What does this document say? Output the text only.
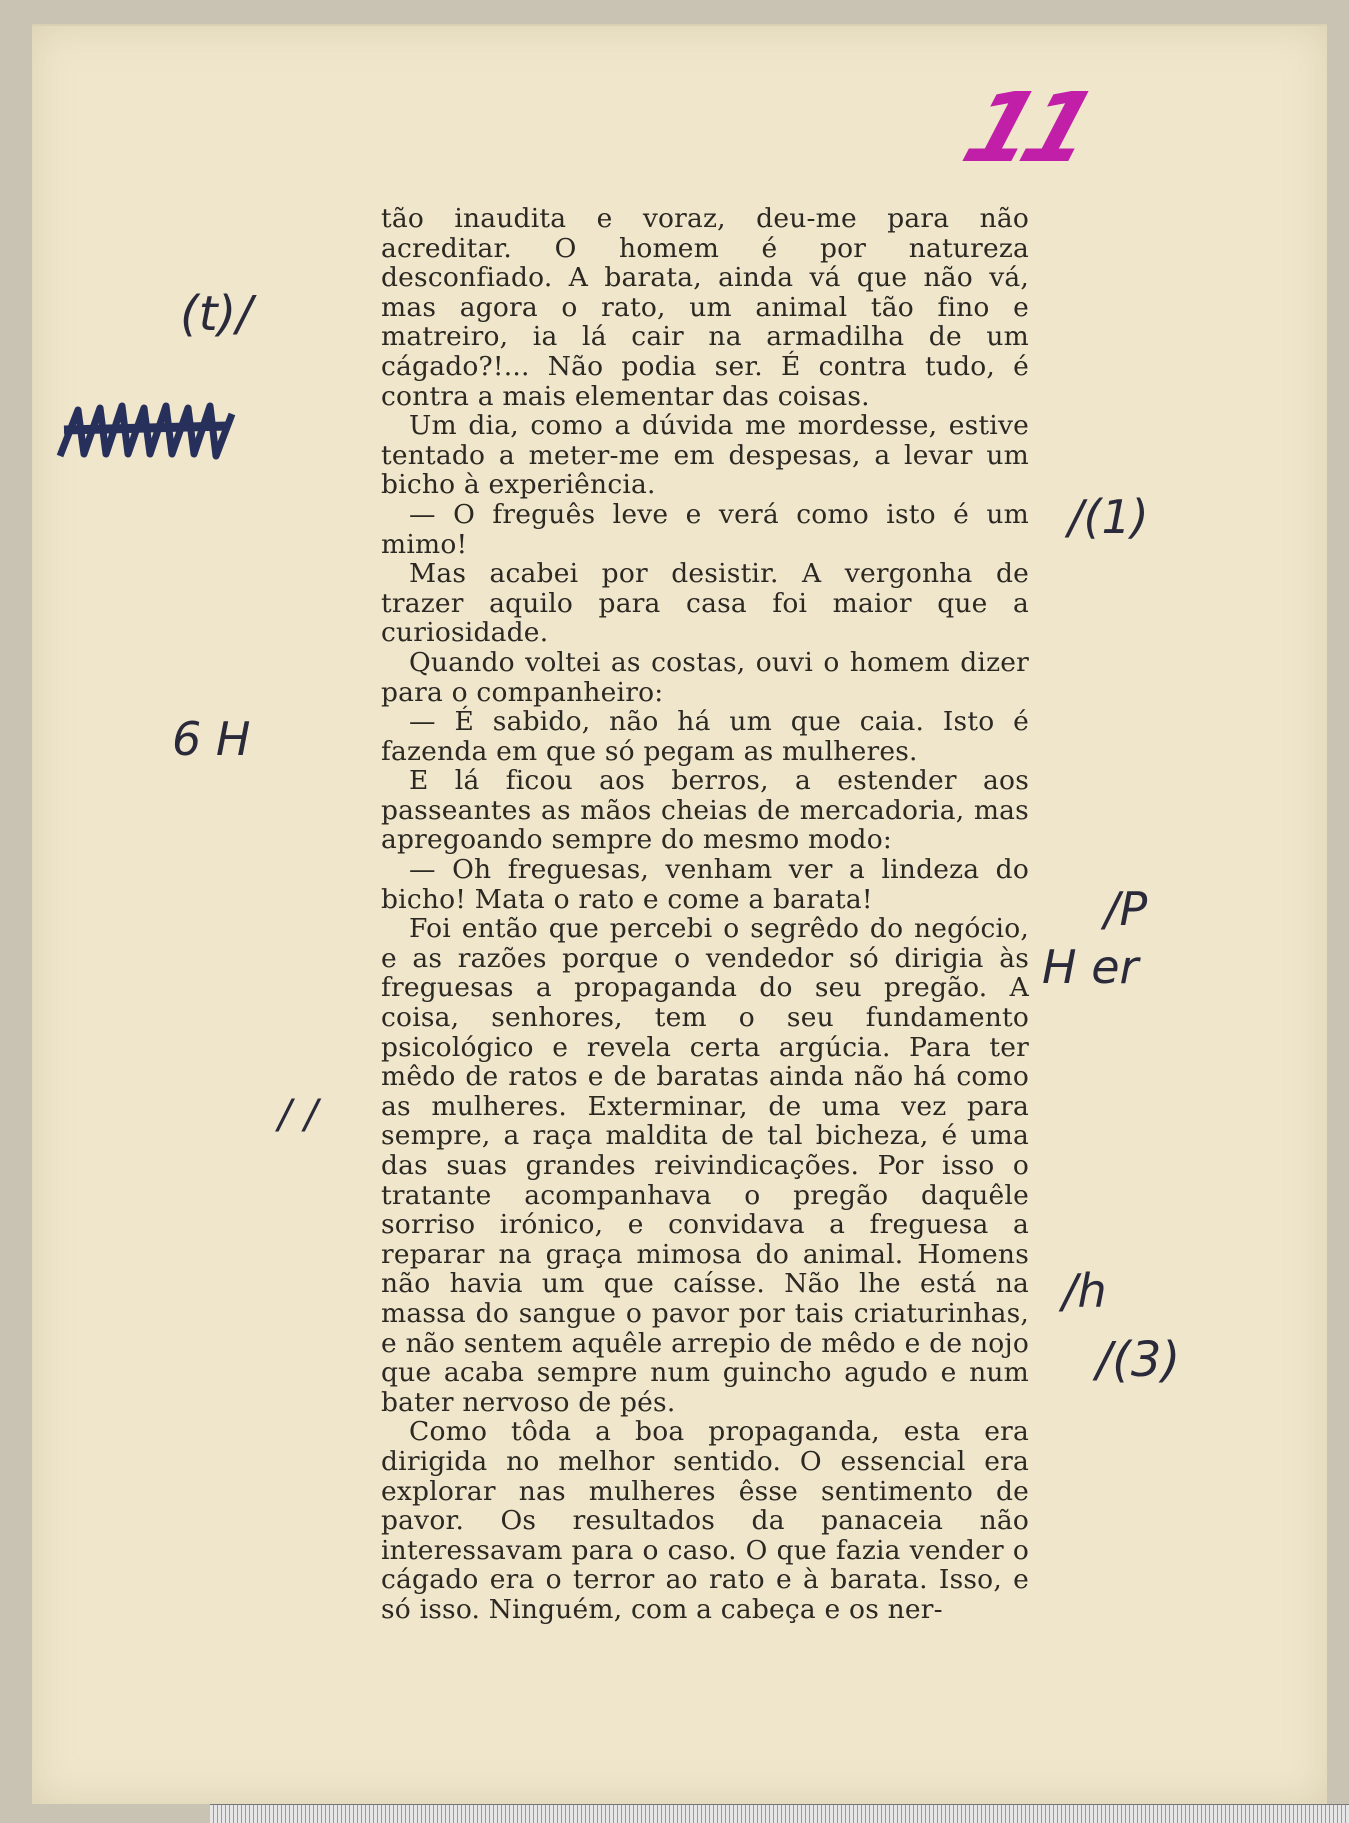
11
(t)/
6 H
/ /
/(1)
/P
H er
/h
/(3)

tão inaudita e voraz, deu-me para não acreditar. O homem é por natureza desconfiado. A barata, ainda vá que não vá, mas agora o rato, um animal tão fino e matreiro, ia lá cair na armadilha de um cágado?!... Não podia ser. É contra tudo, é contra a mais elementar das coisas.

Um dia, como a dúvida me mordesse, estive tentado a meter-me em despesas, a levar um bicho à experiência.

— O freguês leve e verá como isto é um mimo!

Mas acabei por desistir. A vergonha de trazer aquilo para casa foi maior que a curiosidade.

Quando voltei as costas, ouvi o homem dizer para o companheiro:

— É sabido, não há um que caia. Isto é fazenda em que só pegam as mulheres.

E lá ficou aos berros, a estender aos passeantes as mãos cheias de mercadoria, mas apregoando sempre do mesmo modo:

— Oh freguesas, venham ver a lindeza do bicho! Mata o rato e come a barata!

Foi então que percebi o segrêdo do negócio, e as razões porque o vendedor só dirigia às freguesas a propaganda do seu pregão. A coisa, senhores, tem o seu fundamento psicológico e revela certa argúcia. Para ter mêdo de ratos e de baratas ainda não há como as mulheres. Exterminar, de uma vez para sempre, a raça maldita de tal bicheza, é uma das suas grandes reivindicações. Por isso o tratante acompanhava o pregão daquêle sorriso irónico, e convidava a freguesa a reparar na graça mimosa do animal. Homens não havia um que caísse. Não lhe está na massa do sangue o pavor por tais criaturinhas, e não sentem aquêle arrepio de mêdo e de nojo que acaba sempre num guincho agudo e num bater nervoso de pés.

Como tôda a boa propaganda, esta era dirigida no melhor sentido. O essencial era explorar nas mulheres êsse sentimento de pavor. Os resultados da panaceia não interessavam para o caso. O que fazia vender o cágado era o terror ao rato e à barata. Isso, e só isso. Ninguém, com a cabeça e os ner-
